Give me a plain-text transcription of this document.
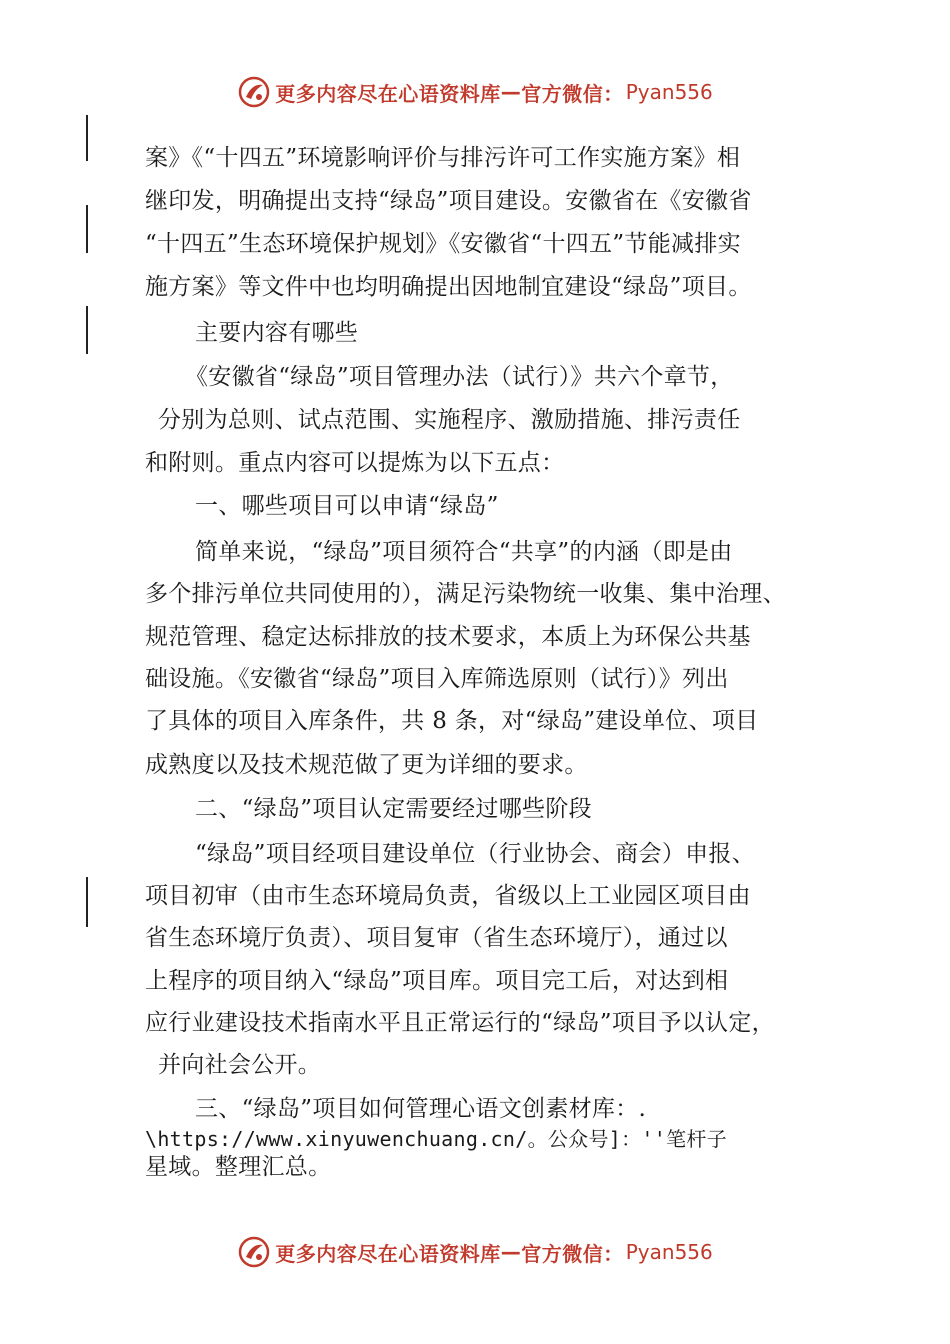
更多内容尽在心语资料库 — 官方微信： Pyan556
案》《“十四五”环境影响评价与排污许可工作实施方案》相
继印发，明确提出支持“绿岛”项目建设。安徽省在《安徽省
“十四五”生态环境保护规划》《安徽省“十四五”节能减排实
施方案》等文件中也均明确提出因地制宜建设“绿岛”项目。
主要内容有哪些
《安徽省“绿岛”项目管理办法（试行）》共六个章节，
分别为总则、试点范围、实施程序、激励措施、排污责任
和附则。重点内容可以提炼为以下五点：
一、哪些项目可以申请“绿岛”
简单来说，“绿岛”项目须符合“共享”的内涵（即是由
多个排污单位共同使用的），满足污染物统一收集、集中治理、
规范管理、稳定达标排放的技术要求，本质上为环保公共基
础设施。《安徽省“绿岛”项目入库筛选原则（试行）》列出
了具体的项目入库条件，共 8 条，对“绿岛”建设单位、项目
成熟度以及技术规范做了更为详细的要求。
二、“绿岛”项目认定需要经过哪些阶段
“绿岛”项目经项目建设单位（行业协会、商会）申报、
项目初审（由市生态环境局负责，省级以上工业园区项目由
省生态环境厅负责）、项目复审（省生态环境厅），通过以
上程序的项目纳入“绿岛”项目库。项目完工后，对达到相
应行业建设技术指南水平且正常运行的“绿岛”项目予以认定，
并向社会公开。
三、“绿岛”项目如何管理心语文创素材库：.
\https://www.xinyuwenchuang.cn/。公众号]：''笔杆子
星域。整理汇总。
更多内容尽在心语资料库 — 官方微信： Pyan556
